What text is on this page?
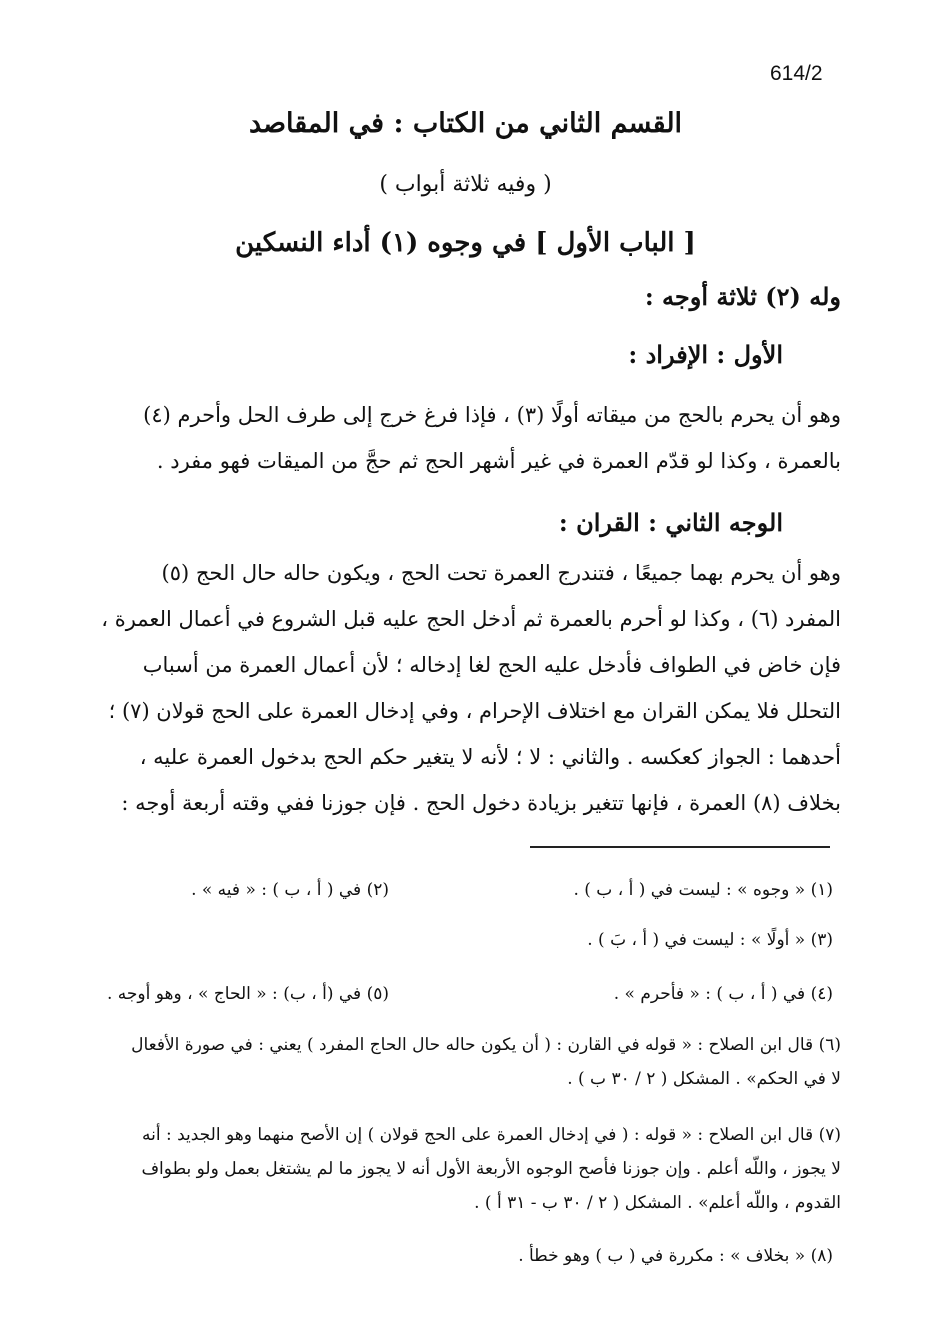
614/2
القسم الثاني من الكتاب : في المقاصد
( وفيه ثلاثة أبواب )
[ الباب الأول ] في وجوه (١) أداء النسكين
وله (٢) ثلاثة أوجه :
الأول : الإفراد :
وهو أن يحرم بالحج من ميقاته أولًا (٣) ، فإذا فرغ خرج إلى طرف الحل وأحرم (٤)
بالعمرة ، وكذا لو قدّم العمرة في غير أشهر الحج ثم حجَّ من الميقات فهو مفرد .
الوجه الثاني : القران :
وهو أن يحرم بهما جميعًا ، فتندرج العمرة تحت الحج ، ويكون حاله حال الحج (٥)
المفرد (٦) ، وكذا لو أحرم بالعمرة ثم أدخل الحج عليه قبل الشروع في أعمال العمرة ،
فإن خاض في الطواف فأدخل عليه الحج لغا إدخاله ؛ لأن أعمال العمرة من أسباب
التحلل فلا يمكن القران مع اختلاف الإحرام ، وفي إدخال العمرة على الحج قولان (٧) ؛
أحدهما : الجواز كعكسه . والثاني : لا ؛ لأنه لا يتغير حكم الحج بدخول العمرة عليه ،
بخلاف (٨) العمرة ، فإنها تتغير بزيادة دخول الحج . فإن جوزنا ففي وقته أربعة أوجه :
(١) « وجوه » : ليست في ( أ ، ب ) .
(٢) في ( أ ، ب ) : « فيه » .
(٣) « أولًا » : ليست في ( أ ، بَ ) .
(٤) في ( أ ، ب ) : « فأحرم » .
(٥) في (أ ، ب) : « الحاج » ، وهو أوجه .
(٦) قال ابن الصلاح : « قوله في القارن : ( أن يكون حاله حال الحاج المفرد ) يعني : في صورة الأفعال
لا في الحكم» . المشكل ( ٢ / ٣٠ ب ) .
(٧) قال ابن الصلاح : « قوله : ( في إدخال العمرة على الحج قولان ) إن الأصح منهما وهو الجديد : أنه
لا يجوز ، واللّه أعلم . وإن جوزنا فأصح الوجوه الأربعة الأول أنه لا يجوز ما لم يشتغل بعمل ولو بطواف
القدوم ، واللّه أعلم» . المشكل ( ٢ / ٣٠ ب - ٣١ أ ) .
(٨) « بخلاف » : مكررة في ( ب ) وهو خطأ .
